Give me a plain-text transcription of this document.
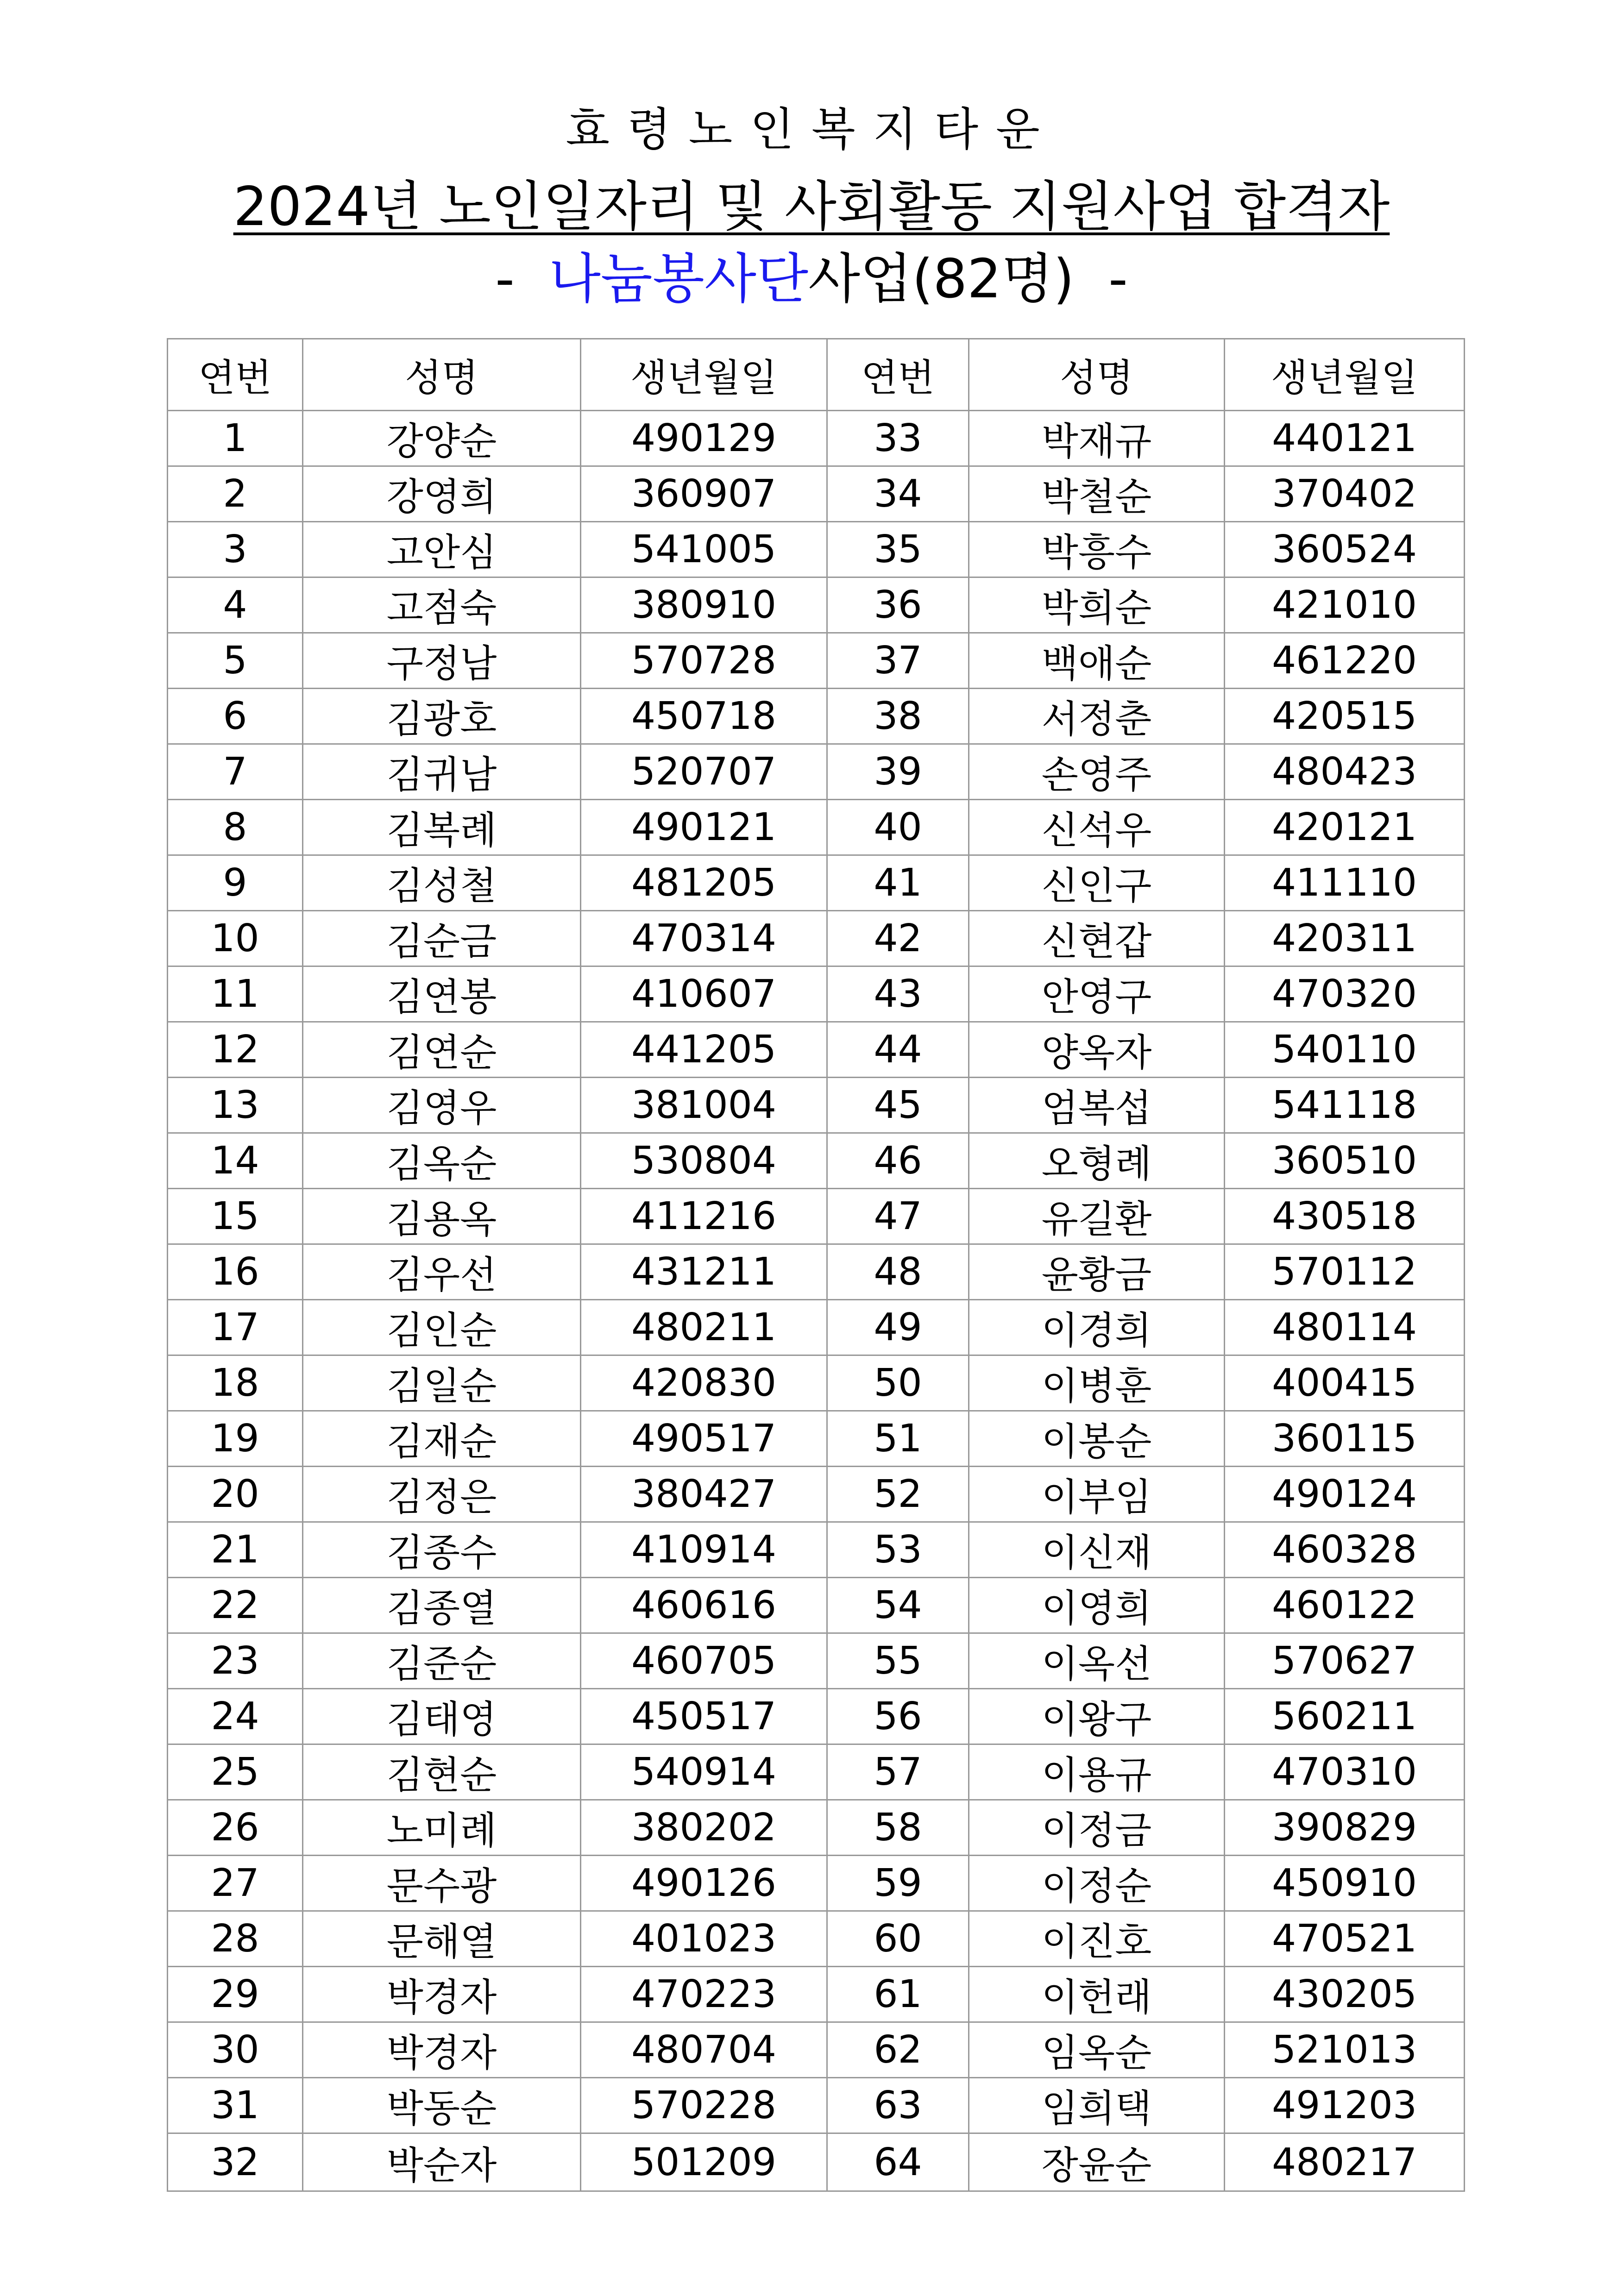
효령노인복지타운
2024년 노인일자리 및 사회활동 지원사업 합격자
-  나눔봉사단사업(82명)  -
연번	성명	생년월일	연번	성명	생년월일
1	강양순	490129	33	박재규	440121
2	강영희	360907	34	박철순	370402
3	고안심	541005	35	박흥수	360524
4	고점숙	380910	36	박희순	421010
5	구정남	570728	37	백애순	461220
6	김광호	450718	38	서정춘	420515
7	김귀남	520707	39	손영주	480423
8	김복례	490121	40	신석우	420121
9	김성철	481205	41	신인구	411110
10	김순금	470314	42	신현갑	420311
11	김연봉	410607	43	안영구	470320
12	김연순	441205	44	양옥자	540110
13	김영우	381004	45	엄복섭	541118
14	김옥순	530804	46	오형례	360510
15	김용옥	411216	47	유길환	430518
16	김우선	431211	48	윤황금	570112
17	김인순	480211	49	이경희	480114
18	김일순	420830	50	이병훈	400415
19	김재순	490517	51	이봉순	360115
20	김정은	380427	52	이부임	490124
21	김종수	410914	53	이신재	460328
22	김종열	460616	54	이영희	460122
23	김준순	460705	55	이옥선	570627
24	김태영	450517	56	이왕구	560211
25	김현순	540914	57	이용규	470310
26	노미례	380202	58	이정금	390829
27	문수광	490126	59	이정순	450910
28	문해열	401023	60	이진호	470521
29	박경자	470223	61	이헌래	430205
30	박경자	480704	62	임옥순	521013
31	박동순	570228	63	임희택	491203
32	박순자	501209	64	장윤순	480217
